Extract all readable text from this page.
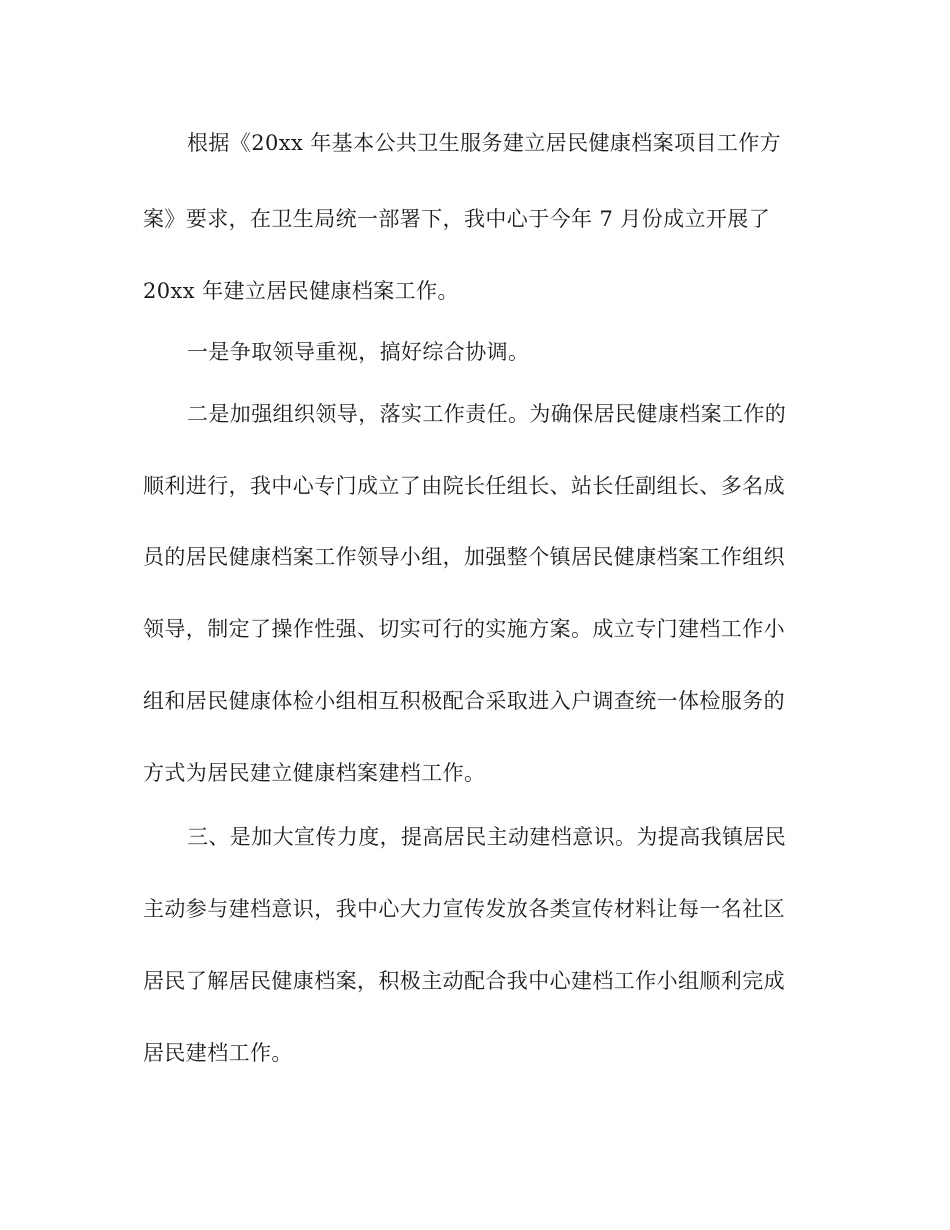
根据《20xx 年基本公共卫生服务建立居民健康档案项目工作方
案》要求，在卫生局统一部署下，我中心于今年 7 月份成立开展了
20xx 年建立居民健康档案工作。
一是争取领导重视，搞好综合协调。
二是加强组织领导，落实工作责任。为确保居民健康档案工作的
顺利进行，我中心专门成立了由院长任组长、站长任副组长、多名成
员的居民健康档案工作领导小组，加强整个镇居民健康档案工作组织
领导，制定了操作性强、切实可行的实施方案。成立专门建档工作小
组和居民健康体检小组相互积极配合采取进入户调查统一体检服务的
方式为居民建立健康档案建档工作。
三、是加大宣传力度，提高居民主动建档意识。为提高我镇居民
主动参与建档意识，我中心大力宣传发放各类宣传材料让每一名社区
居民了解居民健康档案，积极主动配合我中心建档工作小组顺利完成
居民建档工作。
